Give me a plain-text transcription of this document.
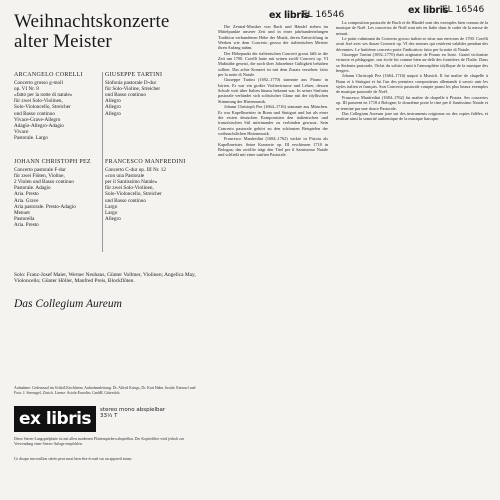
Weihnachtskonzerte
alter Meister
ARCANGELO CORELLI
Concerto grosso g-moll
op. VI Nr. 8
«fatto per la notte di natale»
für zwei Solo-Violinen,
Solo-Violoncello, Streicher
und Basso continuo
Vivace-Grave-Allegro
Adagio-Allegro-Adagio
Vivace
Pastorale. Largo
GIUSEPPE TARTINI
Sinfonia pastorale D-dur
für Solo-Violine, Streicher
und Basso continuo
Allegro
Allegro
Allegro
JOHANN CHRISTOPH PEZ
Concerto pastorale F-dur
für zwei Flöten, Violine,
2 Violen und Basso continuo
Pastorale. Adagio
Aria. Presto
Aria. Grave
Aria pastorale. Presto-Adagio
Menuet
Pastorella
Aria. Presto
FRANCESCO MANFREDINI
Concerto C-dur op. III Nr. 12
«con una Pastorale
per il Santissimo Natale»
für zwei Solo-Violinen,
Solo-Violoncello, Streicher
und Basso continuo
Largo
Largo
Allegro
Solo: Franz-Josef Maier, Werner Neuhaus, Günter Vollmer, Violinen; Angelica May, Violoncello; Günter Höller, Manfred Preis, Blockflöten.
Das Collegium Aureum
Aufnahme: Cedernsaal im Schloß Kirchheim. Aufnahmeleitung: Dr. Alfred Krings, Dr. Kurt Hahn. Inside, Entwurf und Foto: J. Sternagel, Zürich. Lizenz: Ariola-Eurodisc GmbH, Gütersloh.
ex libris	stereo mono abspielbar
33⅓ T
Diese Stereo-Langspielplatte ist mit allen modernen Plattenspielern abspielbar. Der Kopierfilter wird jedoch zur Verwendung einer Stereo-Anlage empfohlen.
Ce disque microsillon stéréo peut aussi bien être écouté sur un appareil mono.
ex libris
EL 16546	ex libris
EL 16546

Die Zentral-Musiker von Bach und Händel stehen im Mittelpunkte unserer Zeit und in einer jahrhundertelangen Tradition verbundenen Höhe der Musik, deren Entwicklung in Werken wie dem Concerto grosso der italienischen Meister ihren Anfang nahm.

Der Höhepunkt der italienischen Concerti grossi fällt in die Zeit um 1700. Corelli hatte mit seinen zwölf Concerti op. VI Maßstäbe gesetzt, die noch über Jahrzehnte Gültigkeit behalten sollten. Das achte Konzert ist mit dem Zusatz versehen: fatto per la notte di Natale.

Giuseppe Tartini (1692–1770) stammte aus Pirano in Istrien. Er war ein großer Violinvirtuose und Lehrer, dessen Schule weit über Italien hinaus bekannt war. In seiner Sinfonia pastorale verbindet sich solistischer Glanz mit der idyllischen Stimmung der Hirtenmusik.

Johann Christoph Pez (1664–1716) stammte aus München. Er war Kapellmeister in Bonn und Stuttgart und hat als einer der ersten deutschen Komponisten den italienischen und französischen Stil miteinander zu verbinden gewusst. Sein Concerto pastorale gehört zu den schönsten Beispielen der weihnachtlichen Hirtenmusik.

Francesco Manfredini (1684–1762) wirkte in Pistoia als Kapellmeister. Seine Konzerte op. III erschienen 1718 in Bologna; das zwölfte trägt den Titel per il Santissimo Natale und schließt mit einer sanften Pastorale.

La composition pastorale de Bach et de Händel sont des exemples bien connus de la musique de Noël. Les concertos de Noël sont nés en Italie dans le cadre de la messe de minuit.

Le point culminant du Concerto grosso italien se situe aux environs de 1700. Corelli avait fixé avec ses douze Concerti op. VI des normes qui restèrent valables pendant des décennies. Le huitième concerto porte l'indication: fatto per la notte di Natale.

Giuseppe Tartini (1692–1770) était originaire de Pirano en Istrie. Grand violoniste virtuose et pédagogue, son école fut connue bien au-delà des frontières de l'Italie. Dans sa Sinfonia pastorale, l'éclat du soliste s'unit à l'atmosphère idyllique de la musique des bergers.

Johann Christoph Pez (1664–1716) naquit à Munich. Il fut maître de chapelle à Bonn et à Stuttgart et fut l'un des premiers compositeurs allemands à savoir unir les styles italien et français. Son Concerto pastorale compte parmi les plus beaux exemples de musique pastorale de Noël.

Francesco Manfredini (1684–1762) fut maître de chapelle à Pistoia. Ses concertos op. III parurent en 1718 à Bologne; le douzième porte le titre per il Santissimo Natale et se termine par une douce Pastorale.

Das Collegium Aureum joue sur des instruments originaux ou des copies fidèles, et restitue ainsi la sonorité authentique de la musique baroque.
